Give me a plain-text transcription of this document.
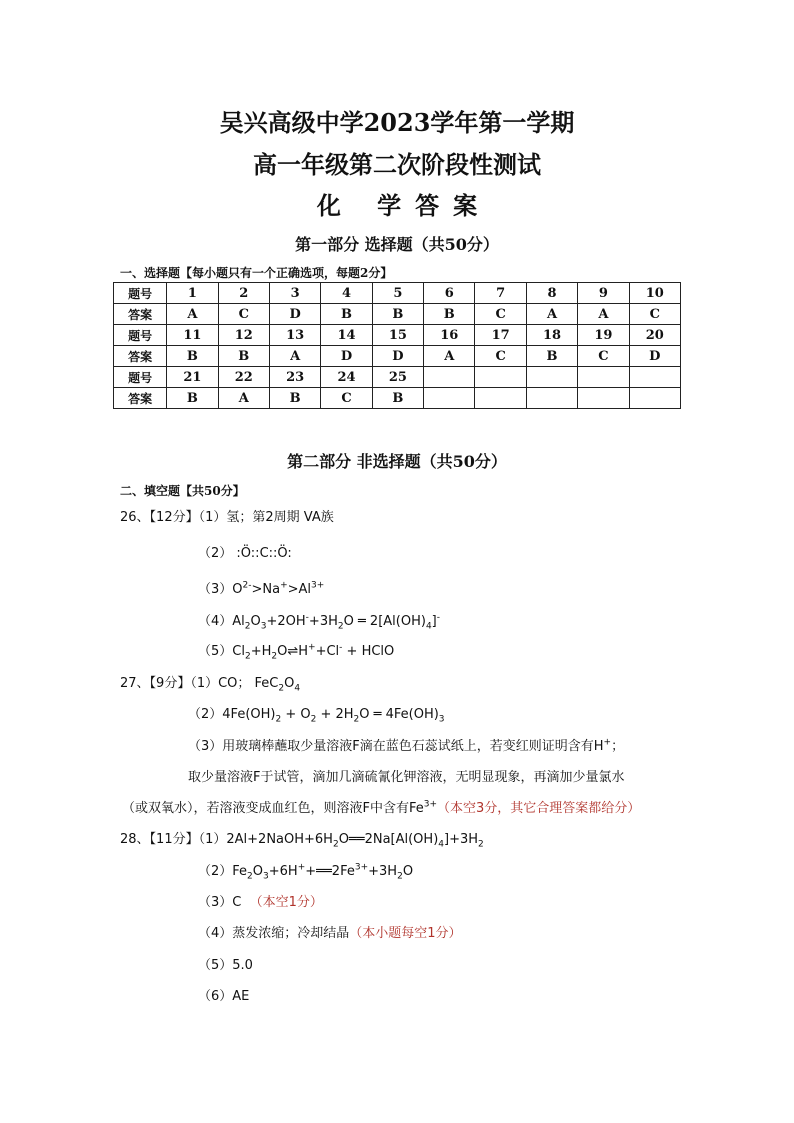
吴兴高级中学2023学年第一学期
高一年级第二次阶段性测试
化 学答案
第一部分 选择题（共50分）
一、选择题【每小题只有一个正确选项，每题2分】
题号	1	2	3	4	5	6	7	8	9	10
答案	A	C	D	B	B	B	C	A	A	C
题号	11	12	13	14	15	16	17	18	19	20
答案	B	B	A	D	D	A	C	B	C	D
题号	21	22	23	24	25					
答案	B	A	B	C	B					
第二部分 非选择题（共50分）
二、填空题【共50分】
26、【12分】（1）氢；第2周期 VA族
（2） :Ö::C::Ö:
$(3)O^{2-}>Na^+>Al^{3+}$
$(4)Al_2O_3+2OH^-+3H_2O$ ═ $2[Al(OH)_4]^-$
$(5)Cl_2+H_2O\rightleftharpoons H^++Cl^-$ + HClO
27、【9分】（1）CO； $FeC_2O_4$
$(2)4Fe(OH)_2 + O_2 + 2H_2O$ ═ $4Fe(OH)_3$
（3）用玻璃棒蘸取少量溶液F滴在蓝色石蕊试纸上，若变红则证明含有H+；
取少量溶液F于试管，滴加几滴硫氰化钾溶液，无明显现象，再滴加少量氯水
（或双氧水），若溶液变成血红色，则溶液F中含有$Fe^{3+}$（本空3分，其它合理答案都给分）
28、【11分】$(1)2Al+2NaOH+6H_2O══2Na[Al(OH)_4]+3H_2$
$(2)Fe_2O_3+6H^++══2Fe^{3+}+3H_2O$
（3）C （本空1分）
（4）蒸发浓缩；冷却结晶（本小题每空1分）
（5）5.0
（6）AE
